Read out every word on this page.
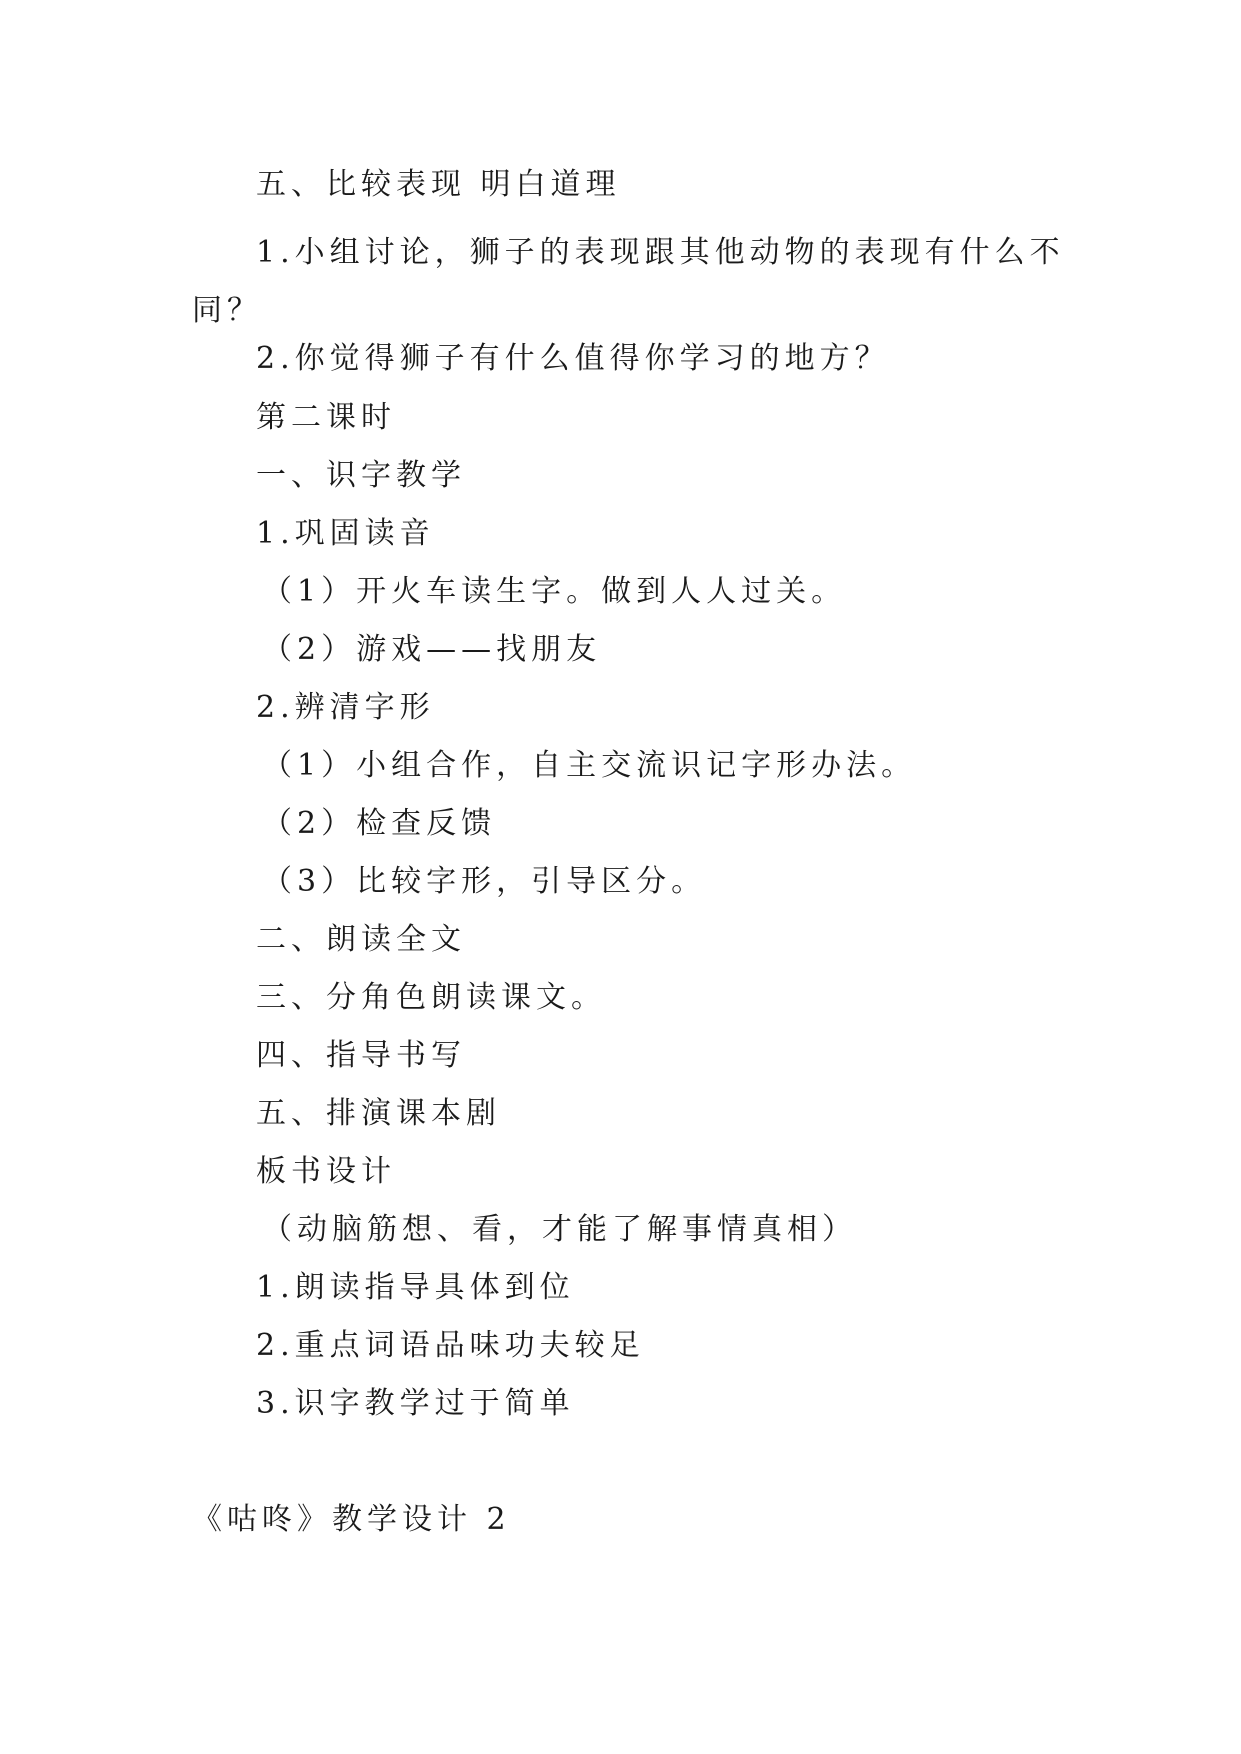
五、比较表现 明白道理
1.小组讨论，狮子的表现跟其他动物的表现有什么不同？
2.你觉得狮子有什么值得你学习的地方？
第二课时
一、识字教学
1.巩固读音
（1）开火车读生字。做到人人过关。
（2）游戏——找朋友
2.辨清字形
（1）小组合作，自主交流识记字形办法。
（2）检查反馈
（3）比较字形，引导区分。
二、朗读全文
三、分角色朗读课文。
四、指导书写
五、排演课本剧
板书设计
（动脑筋想、看，才能了解事情真相）
1.朗读指导具体到位
2.重点词语品味功夫较足
3.识字教学过于简单
《咕咚》教学设计 2
